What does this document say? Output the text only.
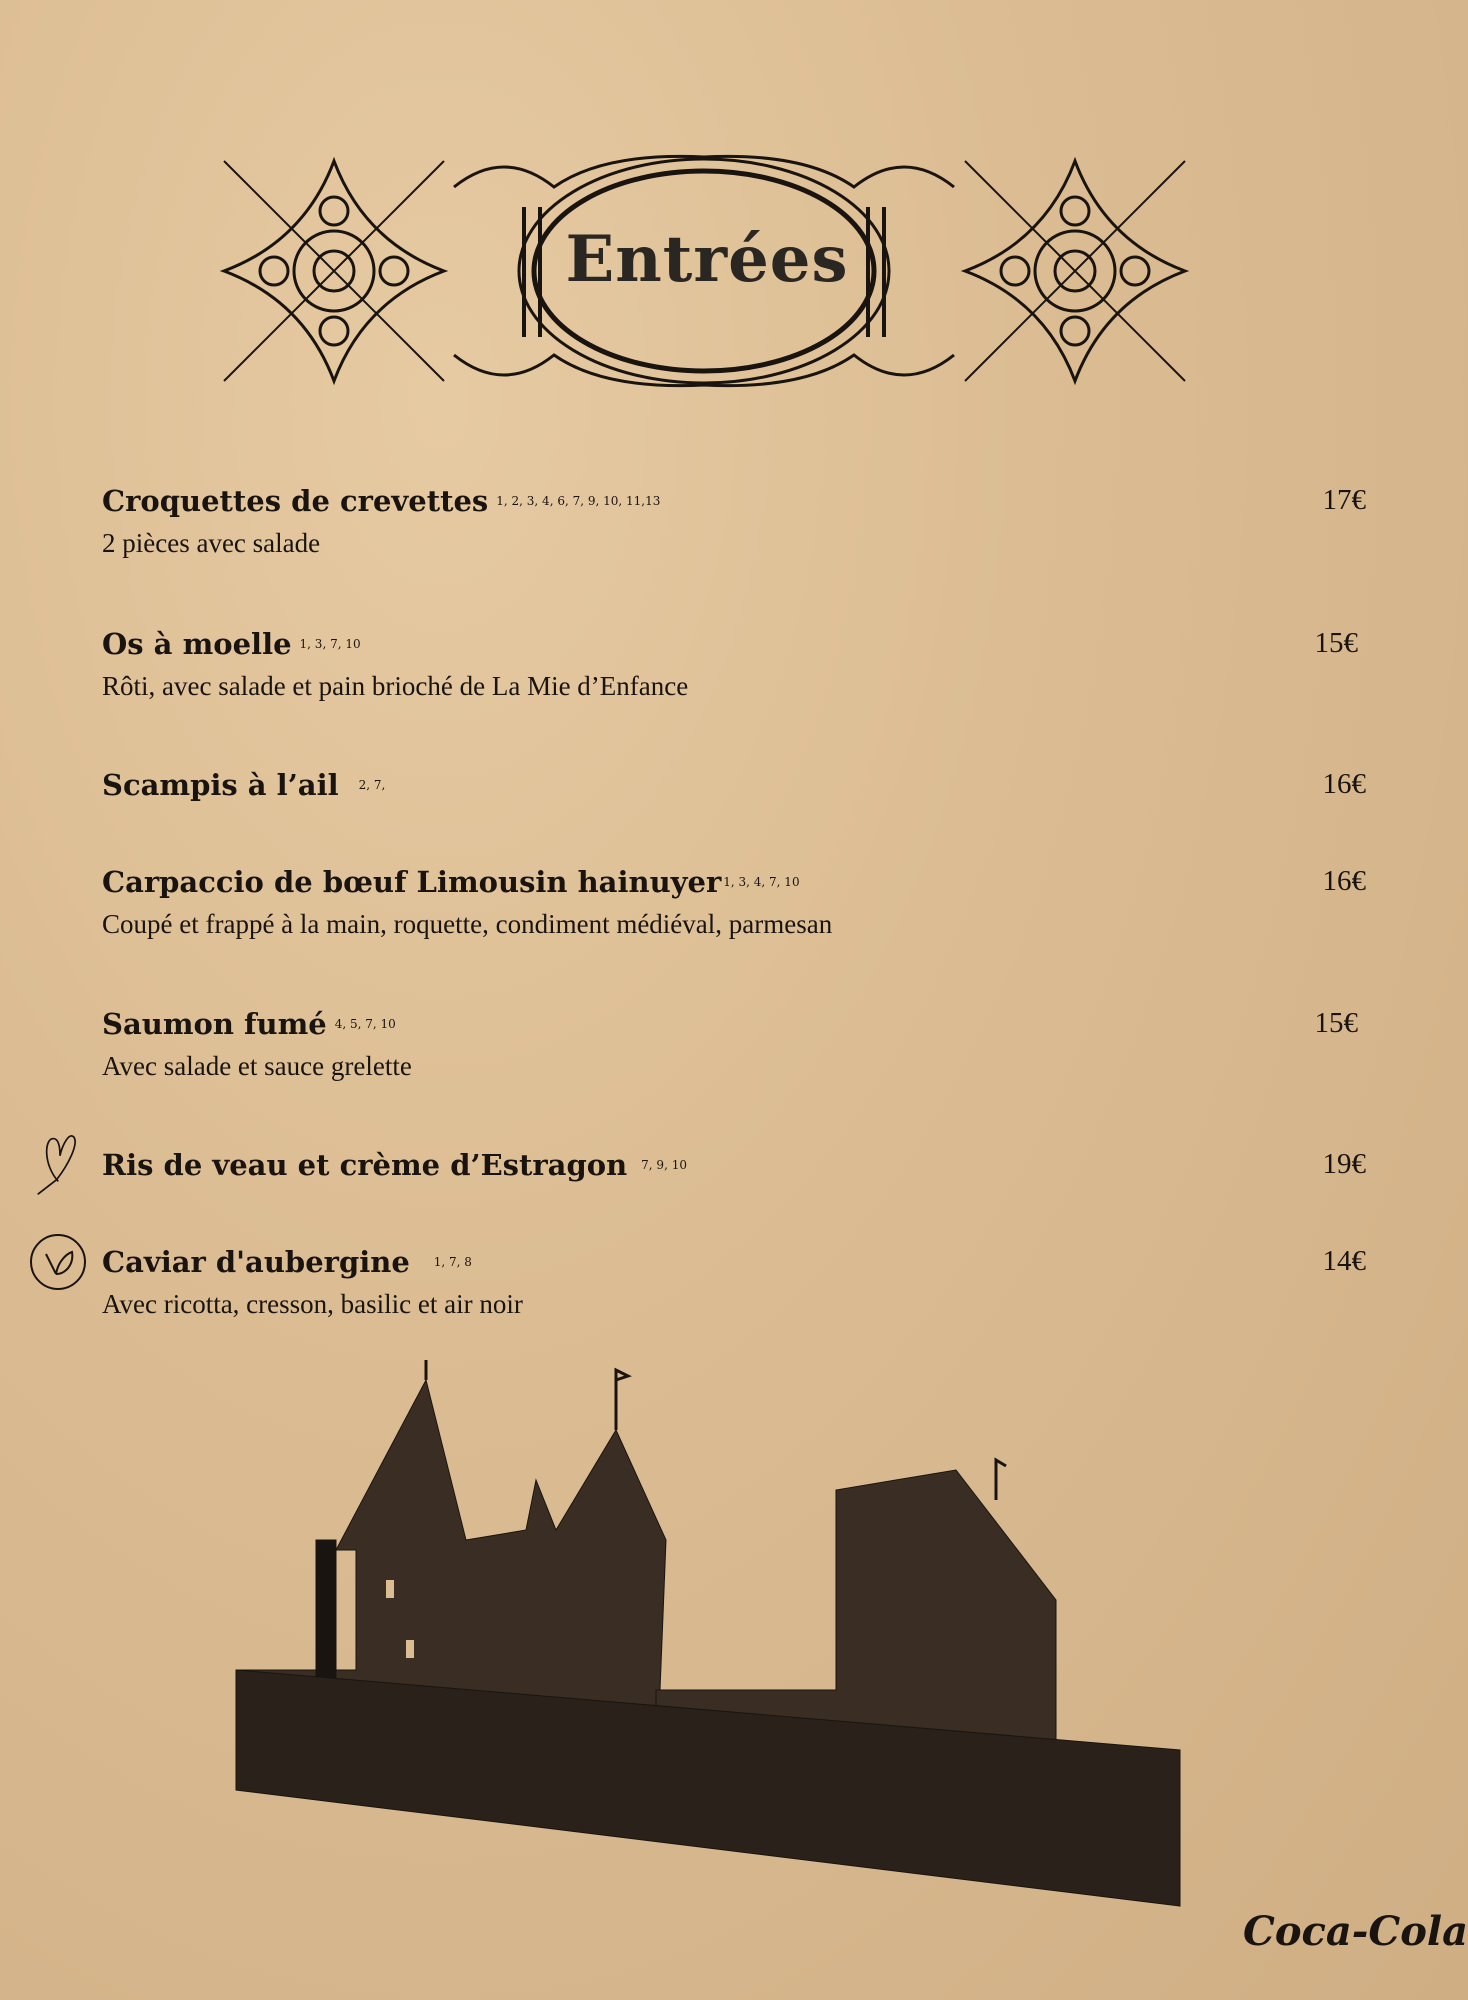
Entrées
Croquettes de crevettes $^{1, 2, 3, 4, 6, 7, 9, 10, 11,13}$
2 pièces avec salade
17€
Os à moelle $^{1, 3, 7, 10}$
Rôti, avec salade et pain brioché de La Mie d’Enfance
15€
Scampis à l’ail $^{2, 7,}$	16€
Carpaccio de bœuf Limousin hainuyer $^{1, 3, 4, 7, 10}$
Coupé et frappé à la main, roquette, condiment médiéval, parmesan
16€
Saumon fumé $^{4, 5, 7, 10}$
Avec salade et sauce grelette
15€
Ris de veau et crème d’Estragon $^{7, 9, 10}$	19€
Caviar d'aubergine $^{1, 7, 8}$
Avec ricotta, cresson, basilic et air noir
14€
Coca‑Cola
